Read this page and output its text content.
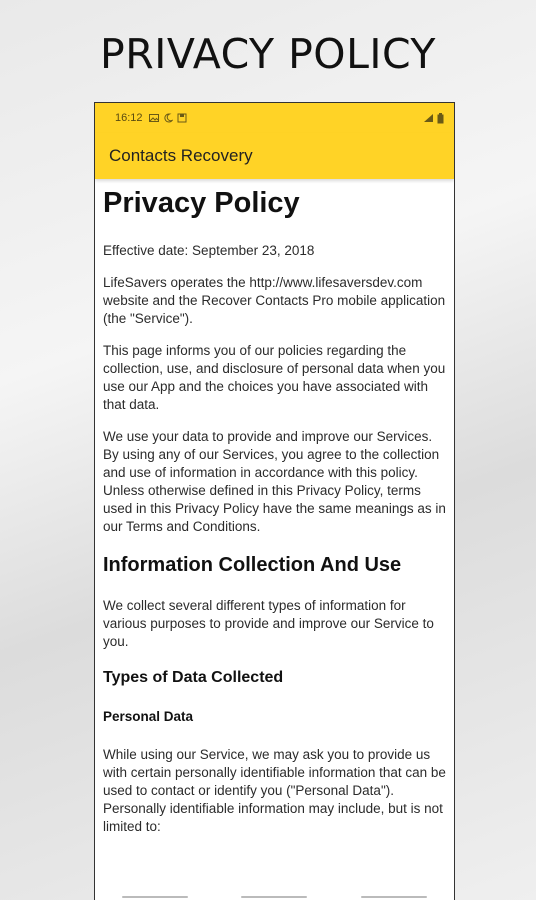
PRIVACY POLICY
16:12
Contacts Recovery
Privacy Policy

Effective date: September 23, 2018

LifeSavers operates the http://www.lifesaversdev.com website and the Recover Contacts Pro mobile application (the "Service").

This page informs you of our policies regarding the collection, use, and disclosure of personal data when you use our App and the choices you have associated with that data.

We use your data to provide and improve our Services. By using any of our Services, you agree to the collection and use of information in accordance with this policy. Unless otherwise defined in this Privacy Policy, terms used in this Privacy Policy have the same meanings as in our Terms and Conditions.

Information Collection And Use

We collect several different types of information for various purposes to provide and improve our Service to you.

Types of Data Collected
Personal Data

While using our Service, we may ask you to provide us with certain personally identifiable information that can be used to contact or identify you ("Personal Data"). Personally identifiable information may include, but is not limited to:
